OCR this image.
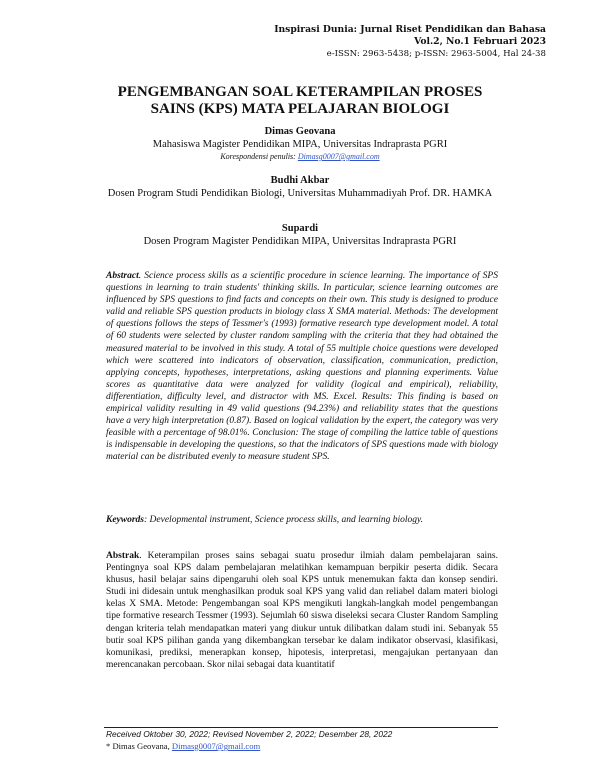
Inspirasi Dunia: Jurnal Riset Pendidikan dan Bahasa
Vol.2, No.1 Februari 2023
e-ISSN: 2963-5438; p-ISSN: 2963-5004, Hal 24-38
PENGEMBANGAN SOAL KETERAMPILAN PROSES
SAINS (KPS) MATA PELAJARAN BIOLOGI
Dimas Geovana
Mahasiswa Magister Pendidikan MIPA, Universitas Indraprasta PGRI
Korespondensi penulis: Dimasg0007@gmail.com
Budhi Akbar
Dosen Program Studi Pendidikan Biologi, Universitas Muhammadiyah Prof. DR. HAMKA
Supardi
Dosen Program Magister Pendidikan MIPA, Universitas Indraprasta PGRI
Abstract. Science process skills as a scientific procedure in science learning. The importance of SPS questions in learning to train students' thinking skills. In particular, science learning outcomes are influenced by SPS questions to find facts and concepts on their own. This study is designed to produce valid and reliable SPS question products in biology class X SMA material. Methods: The development of questions follows the steps of Tessmer's (1993) formative research type development model. A total of 60 students were selected by cluster random sampling with the criteria that they had obtained the measured material to be involved in this study. A total of 55 multiple choice questions were developed which were scattered into indicators of observation, classification, communication, prediction, applying concepts, hypotheses, interpretations, asking questions and planning experiments. Value scores as quantitative data were analyzed for validity (logical and empirical), reliability, differentiation, difficulty level, and distractor with MS. Excel. Results: This finding is based on empirical validity resulting in 49 valid questions (94.23%) and reliability states that the questions have a very high interpretation (0.87). Based on logical validation by the expert, the category was very feasible with a percentage of 98.01%. Conclusion: The stage of compiling the lattice table of questions is indispensable in developing the questions, so that the indicators of SPS questions made with biology material can be distributed evenly to measure student SPS.
Keywords: Developmental instrument, Science process skills, and learning biology.
Abstrak. Keterampilan proses sains sebagai suatu prosedur ilmiah dalam pembelajaran sains. Pentingnya soal KPS dalam pembelajaran melatihkan kemampuan berpikir peserta didik. Secara khusus, hasil belajar sains dipengaruhi oleh soal KPS untuk menemukan fakta dan konsep sendiri. Studi ini didesain untuk menghasilkan produk soal KPS yang valid dan reliabel dalam materi biologi kelas X SMA. Metode: Pengembangan soal KPS mengikuti langkah-langkah model pengembangan tipe formative research Tessmer (1993). Sejumlah 60 siswa diseleksi secara Cluster Random Sampling dengan kriteria telah mendapatkan materi yang diukur untuk dilibatkan dalam studi ini. Sebanyak 55 butir soal KPS pilihan ganda yang dikembangkan tersebar ke dalam indikator observasi, klasifikasi, komunikasi, prediksi, menerapkan konsep, hipotesis, interpretasi, mengajukan pertanyaan dan merencanakan percobaan. Skor nilai sebagai data kuantitatif
Received Oktober 30, 2022; Revised November 2, 2022; Desember 28, 2022
* Dimas Geovana, Dimasg0007@gmail.com
